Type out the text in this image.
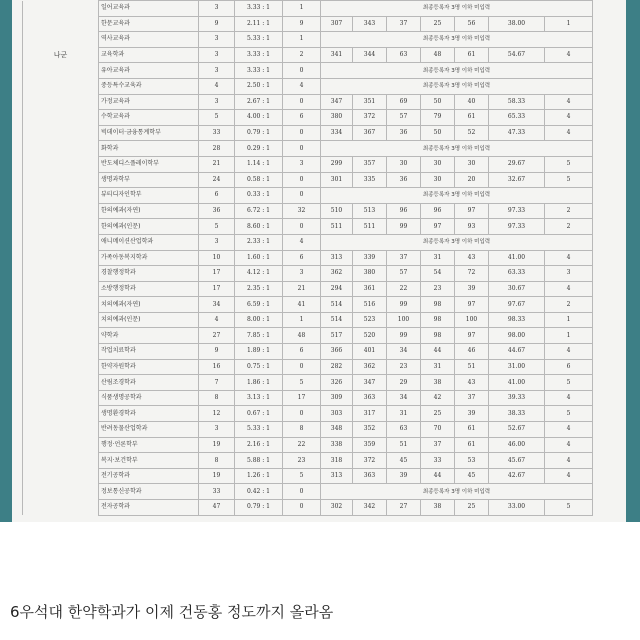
	일어교육과	3	3.33 : 1	1	최종등록자 3명 이하 미입력						
	한문교육과	9	2.11 : 1	9	307	343	37	25	56	38.00	1
	역사교육과	3	5.33 : 1	1	최종등록자 3명 이하 미입력						
나군	교육학과	3	3.33 : 1	2	341	344	63	48	61	54.67	4
	유아교육과	3	3.33 : 1	0	최종등록자 3명 이하 미입력						
	중등특수교육과	4	2.50 : 1	4	최종등록자 3명 이하 미입력						
	가정교육과	3	2.67 : 1	0	347	351	69	50	40	58.33	4
	수학교육과	5	4.00 : 1	6	380	372	57	79	61	65.33	4
	빅데이터·금융통계학부	33	0.79 : 1	0	334	367	36	50	52	47.33	4
	화학과	28	0.29 : 1	0	최종등록자 3명 이하 미입력						
	반도체디스플레이학부	21	1.14 : 1	3	299	357	30	30	30	29.67	5
	생명과학부	24	0.58 : 1	0	301	335	36	30	20	32.67	5
	뷰티디자인학부	6	0.33 : 1	0	최종등록자 3명 이하 미입력						
	한의예과(자연)	36	6.72 : 1	32	510	513	96	96	97	97.33	2
	한의예과(인문)	5	8.60 : 1	0	511	511	99	97	93	97.33	2
	애니메이션산업학과	3	2.33 : 1	4	최종등록자 3명 이하 미입력						
	가족아동복지학과	10	1.60 : 1	6	313	339	37	31	43	41.00	4
	경찰행정학과	17	4.12 : 1	3	362	380	57	54	72	63.33	3
	소방행정학과	17	2.35 : 1	21	294	361	22	23	39	30.67	4
	치의예과(자연)	34	6.59 : 1	41	514	516	99	98	97	97.67	2
	치의예과(인문)	4	8.00 : 1	1	514	523	100	98	100	98.33	1
	약학과	27	7.85 : 1	48	517	520	99	98	97	98.00	1
	작업치료학과	9	1.89 : 1	6	366	401	34	44	46	44.67	4
	한약자원학과	16	0.75 : 1	0	282	362	23	31	51	31.00	6
	산림조경학과	7	1.86 : 1	5	326	347	29	38	43	41.00	5
	식품생명공학과	8	3.13 : 1	17	309	363	34	42	37	39.33	4
	생명환경학과	12	0.67 : 1	0	303	317	31	25	39	38.33	5
	반려동물산업학과	3	5.33 : 1	8	348	352	63	70	61	52.67	4
	행정·언론학부	19	2.16 : 1	22	338	359	51	37	61	46.00	4
	복지·보건학부	8	5.88 : 1	23	318	372	45	33	53	45.67	4
	전기공학과	19	1.26 : 1	5	313	363	39	44	45	42.67	4
	정보통신공학과	33	0.42 : 1	0	최종등록자 3명 이하 미입력						
	전자공학과	47	0.79 : 1	0	302	342	27	38	25	33.00	5
6우석대 한약학과가 이제 건동홍 정도까지 올라옴
